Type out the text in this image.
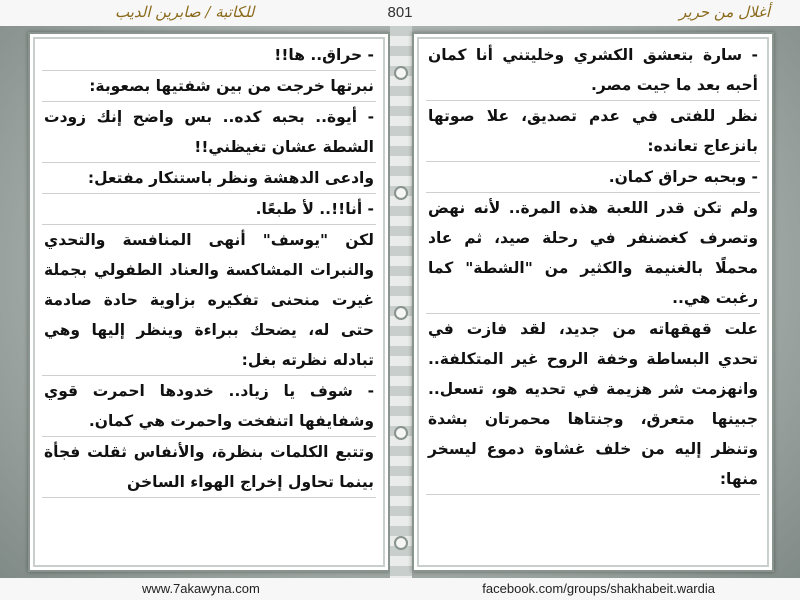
للكاتبة / صابرين الديب	801	أغلال من حرير
- حراق.. ها!!
نبرتها خرجت من بين شفتيها بصعوبة:
- أيوة.. بحبه كده.. بس واضح إنك زودت الشطة عشان تغيظني!!
وادعى الدهشة ونظر باستنكار مفتعل:
- أنا!!.. لأ طبعًا.
لكن "يوسف" أنهى المنافسة والتحدي والنبرات المشاكسة والعناد الطفولي بجملة غيرت منحنى تفكيره بزاوية حادة صادمة حتى له، يضحك ببراءة وينظر إليها وهي تبادله نظرته بغل:
- شوف يا زياد.. خدودها احمرت قوي وشفايفها اتنفخت واحمرت هي كمان.
وتتبع الكلمات بنظرة، والأنفاس ثقلت فجأة بينما تحاول إخراج الهواء الساخن
- سارة بتعشق الكشري وخليتني أنا كمان أحبه بعد ما جيت مصر.
نظر للفتى في عدم تصديق، علا صوتها بانزعاج تعانده:
- وبحبه حراق كمان.
ولم تكن قدر اللعبة هذه المرة.. لأنه نهض وتصرف كغضنفر في رحلة صيد، ثم عاد محملًا بالغنيمة والكثير من "الشطة" كما رغبت هي..
علت قهقهاته من جديد، لقد فازت في تحدي البساطة وخفة الروح غير المتكلفة.. وانهزمت شر هزيمة في تحديه هو، تسعل.. جبينها متعرق، وجنتاها محمرتان بشدة وتنظر إليه من خلف غشاوة دموع ليسخر منها:
www.7akawyna.com	facebook.com/groups/shakhabeit.wardia
